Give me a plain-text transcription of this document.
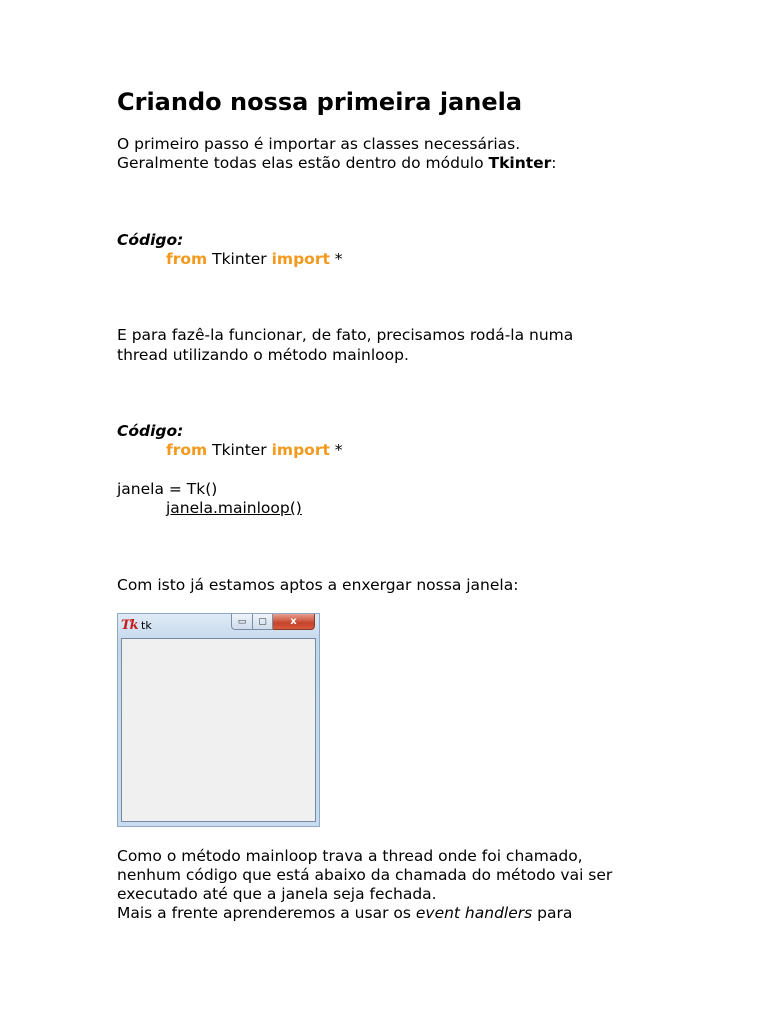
Criando nossa primeira janela
O primeiro passo é importar as classes necessárias.
Geralmente todas elas estão dentro do módulo Tkinter:
Código:
from Tkinter import *
E para fazê-la funcionar, de fato, precisamos rodá-la numa
thread utilizando o método mainloop.
Código:
from Tkinter import *
janela = Tk()
janela.mainloop()
Com isto já estamos aptos a enxergar nossa janela:
Tk tk	▭	▢	x
Como o método mainloop trava a thread onde foi chamado,
nenhum código que está abaixo da chamada do método vai ser
executado até que a janela seja fechada.
Mais a frente aprenderemos a usar os event handlers para
